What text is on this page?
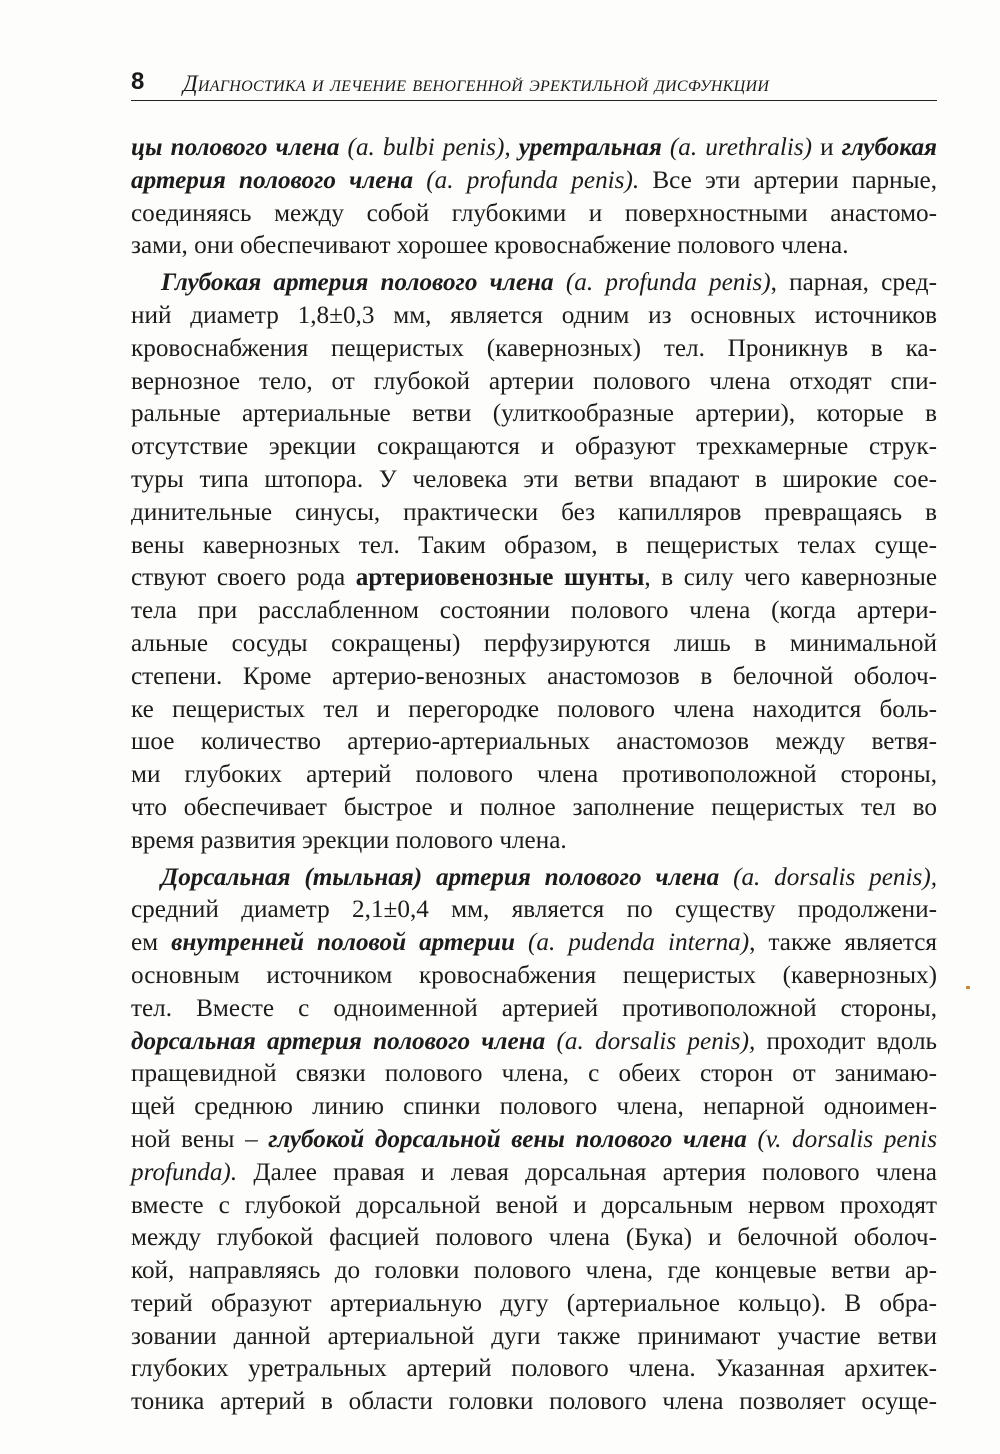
8 Диагностика и лечение веногенной эректильной дисфункции
цы полового члена (a. bulbi penis), уретральная (a. urethralis) и глубокая
артерия полового члена (a. profunda penis). Все эти артерии парные,
соединяясь между собой глубокими и поверхностными анастомо-
зами, они обеспечивают хорошее кровоснабжение полового члена.
Глубокая артерия полового члена (a. profunda penis), парная, сред-
ний диаметр 1,8±0,3 мм, является одним из основных источников
кровоснабжения пещеристых (кавернозных) тел. Проникнув в ка-
вернозное тело, от глубокой артерии полового члена отходят спи-
ральные артериальные ветви (улиткообразные артерии), которые в
отсутствие эрекции сокращаются и образуют трехкамерные струк-
туры типа штопора. У человека эти ветви впадают в широкие сое-
динительные синусы, практически без капилляров превращаясь в
вены кавернозных тел. Таким образом, в пещеристых телах суще-
ствуют своего рода артериовенозные шунты, в силу чего кавернозные
тела при расслабленном состоянии полового члена (когда артери-
альные сосуды сокращены) перфузируются лишь в минимальной
степени. Кроме артерио-венозных анастомозов в белочной оболоч-
ке пещеристых тел и перегородке полового члена находится боль-
шое количество артерио-артериальных анастомозов между ветвя-
ми глубоких артерий полового члена противоположной стороны,
что обеспечивает быстрое и полное заполнение пещеристых тел во
время развития эрекции полового члена.
Дорсальная (тыльная) артерия полового члена (a. dorsalis penis),
средний диаметр 2,1±0,4 мм, является по существу продолжени-
ем внутренней половой артерии (a. pudenda interna), также является
основным источником кровоснабжения пещеристых (кавернозных)
тел. Вместе с одноименной артерией противоположной стороны,
дорсальная артерия полового члена (a. dorsalis penis), проходит вдоль
пращевидной связки полового члена, с обеих сторон от занимаю-
щей среднюю линию спинки полового члена, непарной одноимен-
ной вены – глубокой дорсальной вены полового члена (v. dorsalis penis
profunda). Далее правая и левая дорсальная артерия полового члена
вместе с глубокой дорсальной веной и дорсальным нервом проходят
между глубокой фасцией полового члена (Бука) и белочной оболоч-
кой, направляясь до головки полового члена, где концевые ветви ар-
терий образуют артериальную дугу (артериальное кольцо). В обра-
зовании данной артериальной дуги также принимают участие ветви
глубоких уретральных артерий полового члена. Указанная архитек-
тоника артерий в области головки полового члена позволяет осуще-
